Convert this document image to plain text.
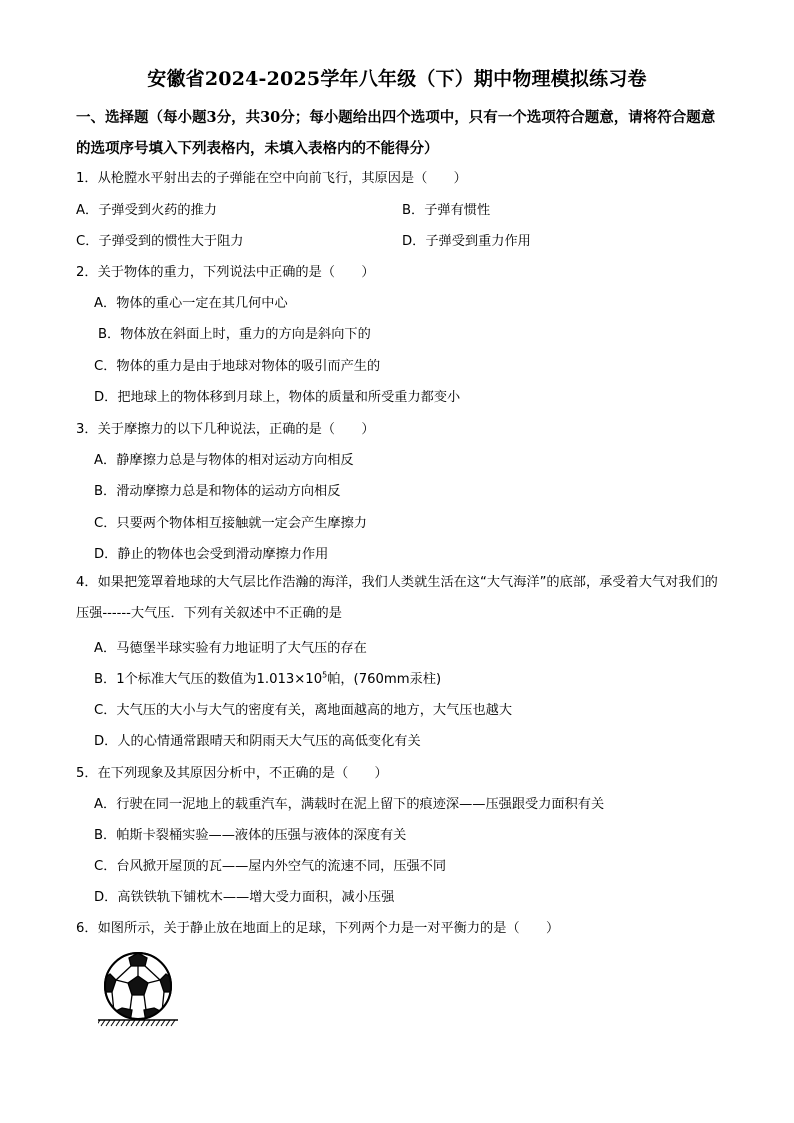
安徽省2024-2025学年八年级（下）期中物理模拟练习卷
一、选择题（每小题3分，共30分；每小题给出四个选项中，只有一个选项符合题意，请将符合题意的选项序号填入下列表格内，未填入表格内的不能得分）
1．从枪膛水平射出去的子弹能在空中向前飞行，其原因是（　　）
A．子弹受到火药的推力	B．子弹有惯性
C．子弹受到的惯性大于阻力	D．子弹受到重力作用
2．关于物体的重力，下列说法中正确的是（　　）
A．物体的重心一定在其几何中心
B．物体放在斜面上时，重力的方向是斜向下的
C．物体的重力是由于地球对物体的吸引而产生的
D．把地球上的物体移到月球上，物体的质量和所受重力都变小
3．关于摩擦力的以下几种说法，正确的是（　　）
A．静摩擦力总是与物体的相对运动方向相反
B．滑动摩擦力总是和物体的运动方向相反
C．只要两个物体相互接触就一定会产生摩擦力
D．静止的物体也会受到滑动摩擦力作用
4．如果把笼罩着地球的大气层比作浩瀚的海洋，我们人类就生活在这“大气海洋”的底部，承受着大气对我们的压强------大气压．下列有关叙述中不正确的是
A．马德堡半球实验有力地证明了大气压的存在
B．1个标准大气压的数值为$1.013\times 10^5$帕，(760mm汞柱)
C．大气压的大小与大气的密度有关，离地面越高的地方，大气压也越大
D．人的心情通常跟晴天和阴雨天大气压的高低变化有关
5．在下列现象及其原因分析中，不正确的是（　　）
A．行驶在同一泥地上的载重汽车，满载时在泥上留下的痕迹深——压强跟受力面积有关
B．帕斯卡裂桶实验——液体的压强与液体的深度有关
C．台风掀开屋顶的瓦——屋内外空气的流速不同，压强不同
D．高铁铁轨下铺枕木——增大受力面积，减小压强
6．如图所示，关于静止放在地面上的足球，下列两个力是一对平衡力的是（　　）
